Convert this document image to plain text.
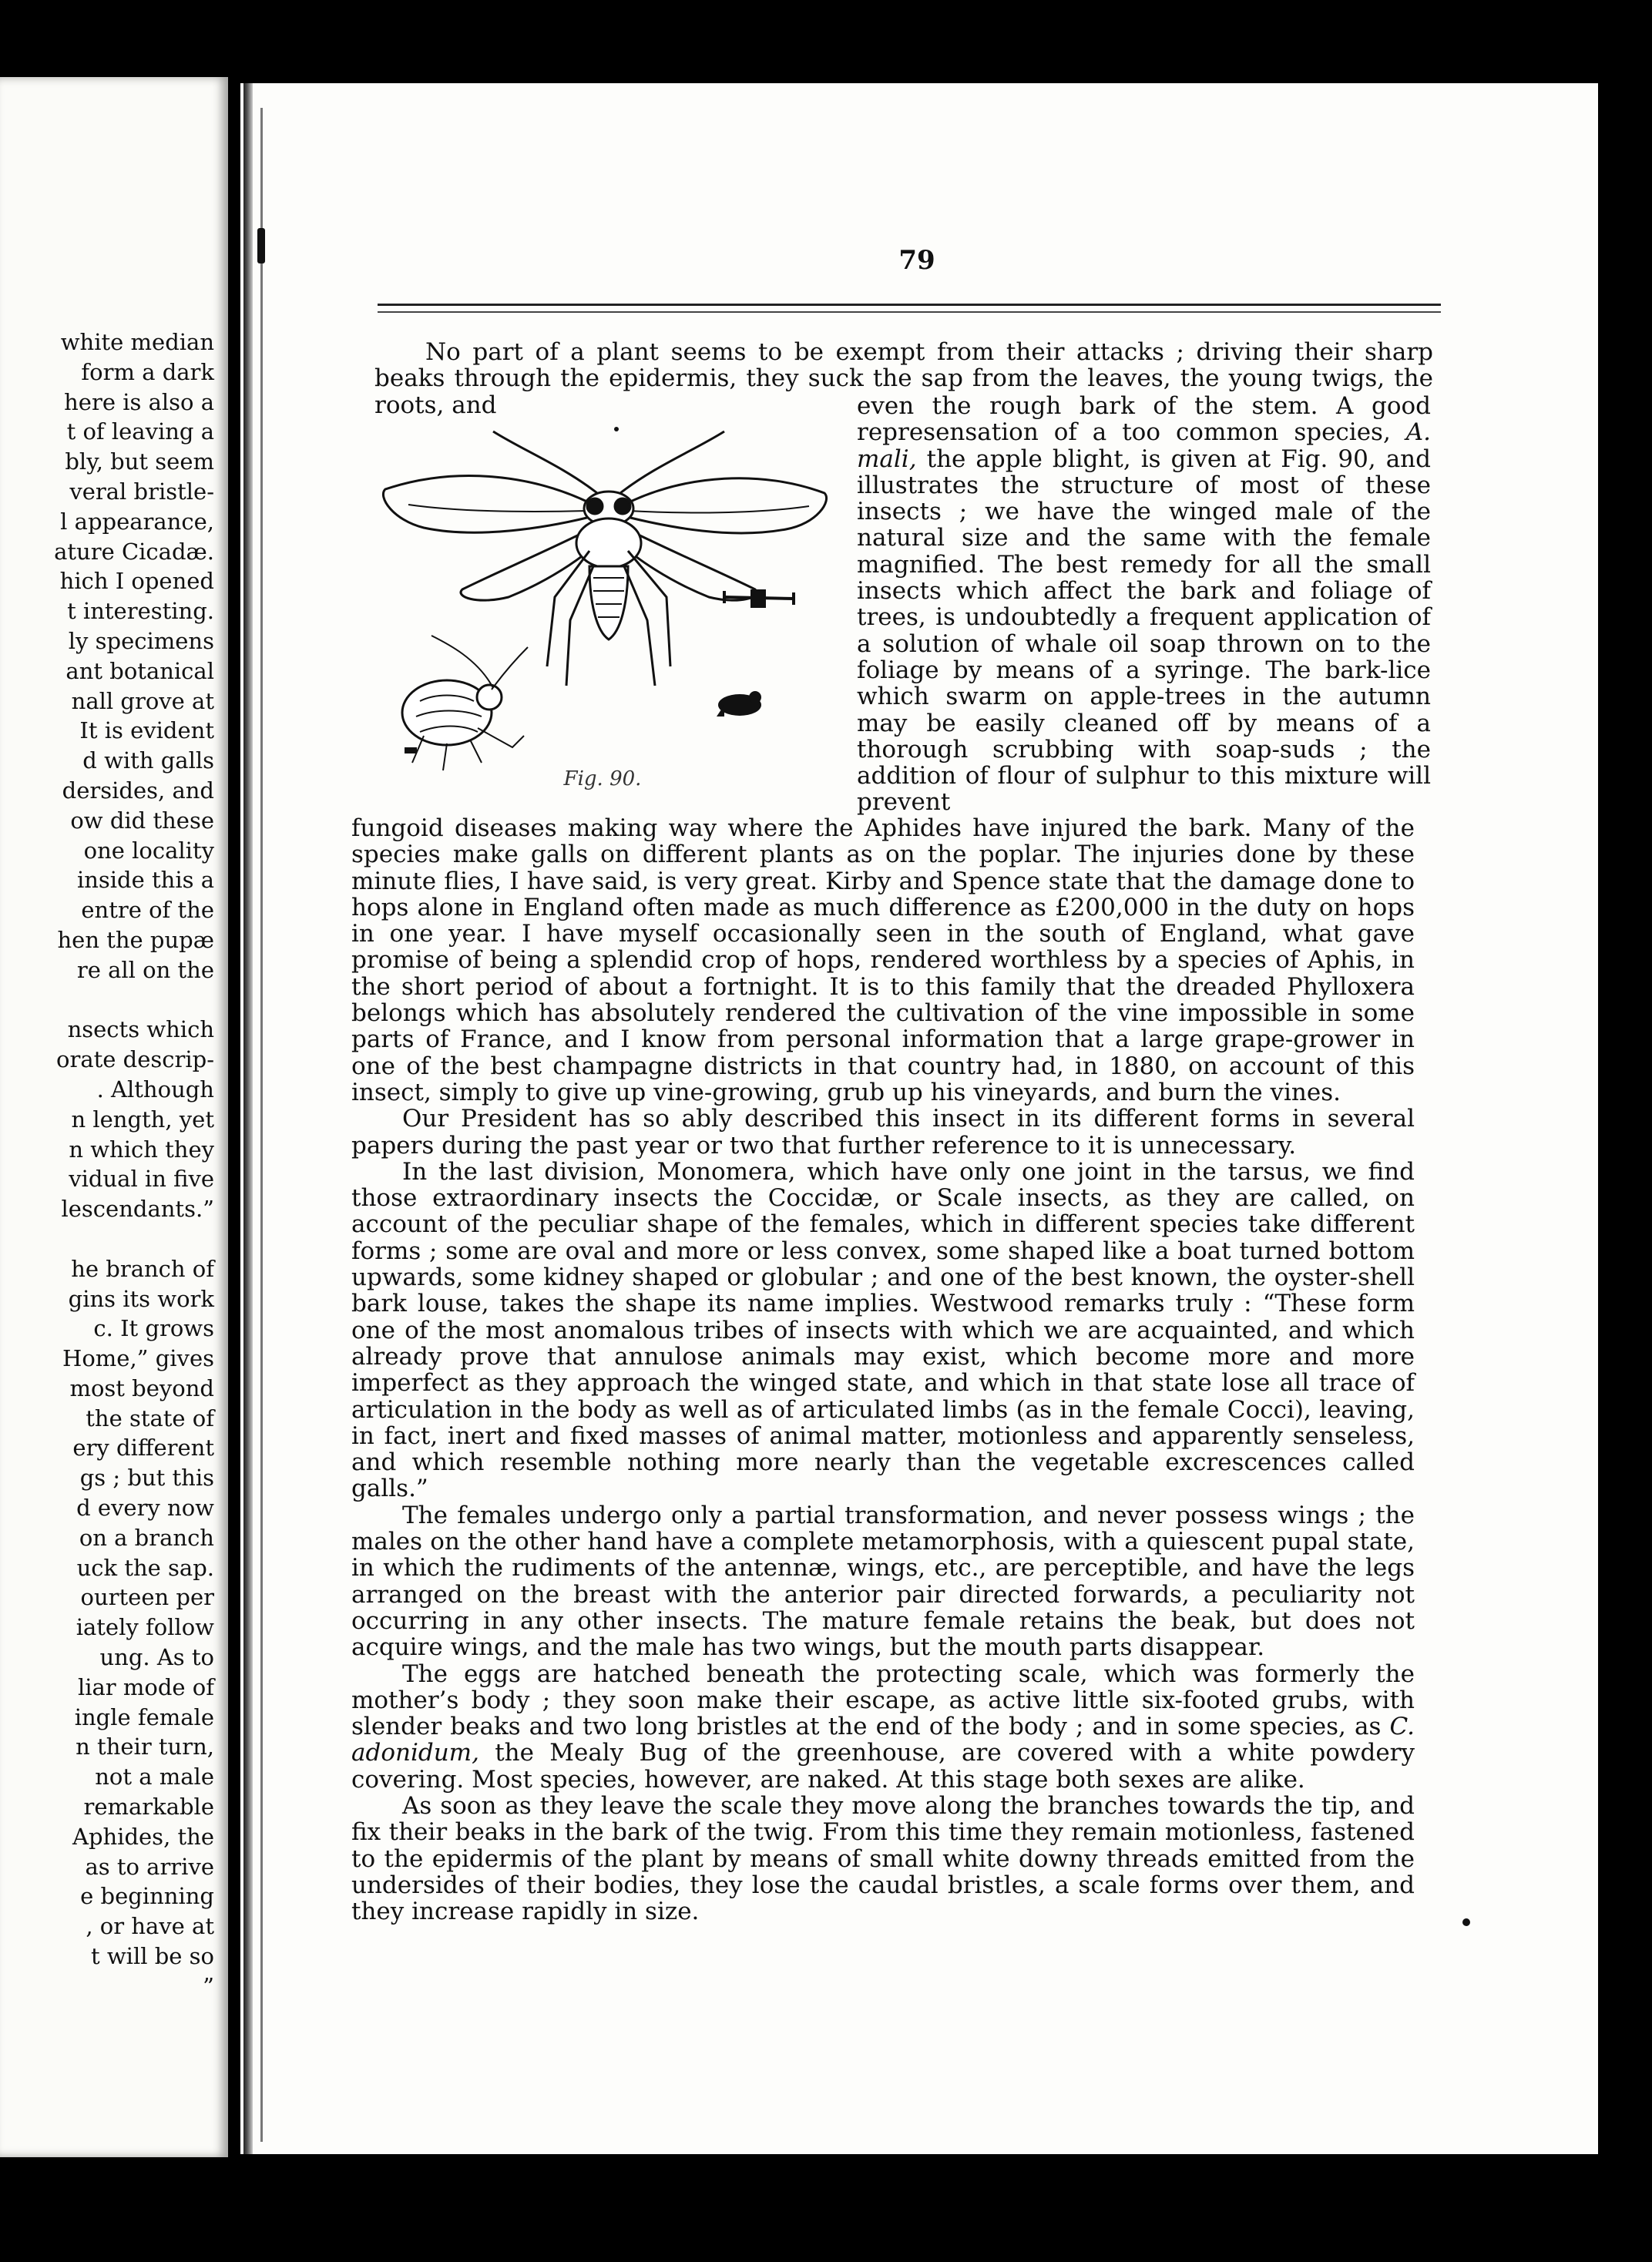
white median
form a dark
here is also a
t of leaving a
bly, but seem
veral bristle-
l appearance,
ature Cicadæ.
hich I opened
t interesting.
ly specimens
ant botanical
nall grove at
It is evident
d with galls
dersides, and
ow did these
one locality
inside this a
entre of the
hen the pupæ
re all on the
nsects which
orate descrip-
. Although
n length, yet
n which they
vidual in five
lescendants.”
he branch of
gins its work
c. It grows
Home,” gives
most beyond
the state of
ery different
gs ; but this
d every now
on a branch
uck the sap.
ourteen per
iately follow
ung. As to
liar mode of
ingle female
n their turn,
not a male
remarkable
Aphides, the
as to arrive
e beginning
, or have at
t will be so
”
79

No part of a plant seems to be exempt from their attacks ; driving their sharp beaks through the epidermis, they suck the sap from the leaves, the young twigs, the roots, and

Fig. 90.

even the rough bark of the stem. A good represensation of a too common species, A. mali, the apple blight, is given at Fig. 90, and illustrates the structure of most of these insects ; we have the winged male of the natural size and the same with the female magnified. The best remedy for all the small insects which affect the bark and foliage of trees, is undoubtedly a frequent application of a solution of whale oil soap thrown on to the foliage by means of a syringe. The bark-lice which swarm on apple-trees in the autumn may be easily cleaned off by means of a thorough scrubbing with soap-suds ; the addition of flour of sulphur to this mixture will prevent

fungoid diseases making way where the Aphides have injured the bark. Many of the species make galls on different plants as on the poplar. The injuries done by these minute flies, I have said, is very great. Kirby and Spence state that the damage done to hops alone in England often made as much difference as £200,000 in the duty on hops in one year. I have myself occasionally seen in the south of England, what gave promise of being a splendid crop of hops, rendered worthless by a species of Aphis, in the short period of about a fortnight. It is to this family that the dreaded Phylloxera belongs which has absolutely rendered the cultivation of the vine impossible in some parts of France, and I know from personal information that a large grape-grower in one of the best champagne districts in that country had, in 1880, on account of this insect, simply to give up vine-growing, grub up his vineyards, and burn the vines.

Our President has so ably described this insect in its different forms in several papers during the past year or two that further reference to it is unnecessary.

In the last division, Monomera, which have only one joint in the tarsus, we find those extraordinary insects the Coccidæ, or Scale insects, as they are called, on account of the peculiar shape of the females, which in different species take different forms ; some are oval and more or less convex, some shaped like a boat turned bottom upwards, some kidney shaped or globular ; and one of the best known, the oyster-shell bark louse, takes the shape its name implies. Westwood remarks truly : “These form one of the most anomalous tribes of insects with which we are acquainted, and which already prove that annulose animals may exist, which become more and more imperfect as they approach the winged state, and which in that state lose all trace of articulation in the body as well as of articulated limbs (as in the female Cocci), leaving, in fact, inert and fixed masses of animal matter, motionless and apparently senseless, and which resemble nothing more nearly than the vegetable excrescences called galls.”

The females undergo only a partial transformation, and never possess wings ; the males on the other hand have a complete metamorphosis, with a quiescent pupal state, in which the rudiments of the antennæ, wings, etc., are perceptible, and have the legs arranged on the breast with the anterior pair directed forwards, a peculiarity not occurring in any other insects. The mature female retains the beak, but does not acquire wings, and the male has two wings, but the mouth parts disappear.

The eggs are hatched beneath the protecting scale, which was formerly the mother’s body ; they soon make their escape, as active little six-footed grubs, with slender beaks and two long bristles at the end of the body ; and in some species, as C. adonidum, the Mealy Bug of the greenhouse, are covered with a white powdery covering. Most species, however, are naked. At this stage both sexes are alike.

As soon as they leave the scale they move along the branches towards the tip, and fix their beaks in the bark of the twig. From this time they remain motionless, fastened to the epidermis of the plant by means of small white downy threads emitted from the undersides of their bodies, they lose the caudal bristles, a scale forms over them, and they increase rapidly in size.
